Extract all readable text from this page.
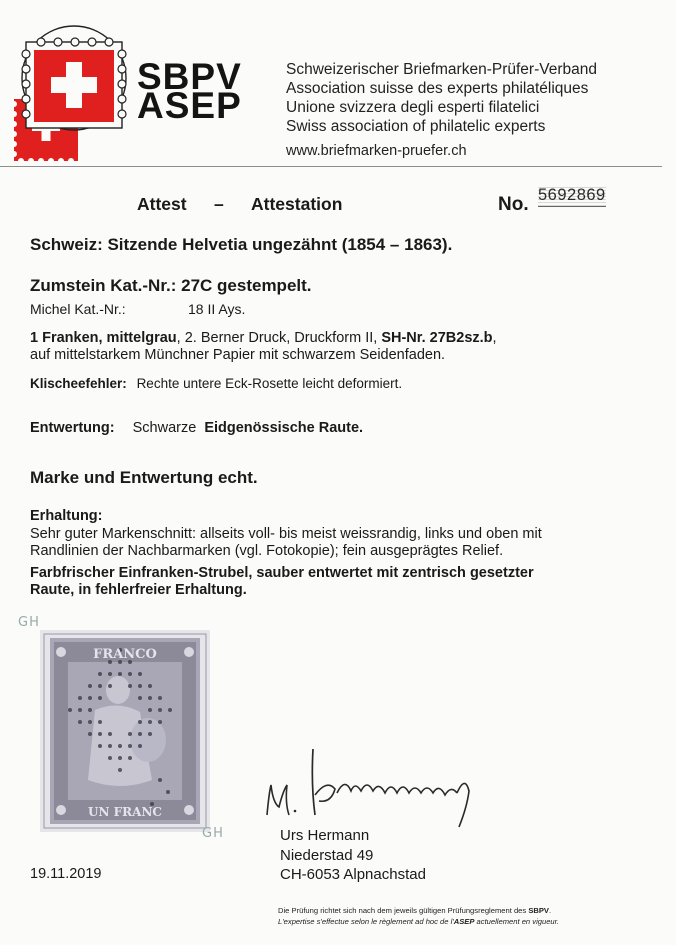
SBPV
ASEP
Schweizerischer Briefmarken-Prüfer-Verband
Association suisse des experts philatéliques
Unione svizzera degli esperti filatelici
Swiss association of philatelic experts
www.briefmarken-pruefer.ch
Attest – Attestation	No. 5692869
Schweiz: Sitzende Helvetia ungezähnt (1854 – 1863).
Zumstein Kat.-Nr.: 27C gestempelt.
Michel Kat.-Nr.:	18 II Ays.
1 Franken, mittelgrau, 2. Berner Druck, Druckform II, SH-Nr. 27B2sz.b,
auf mittelstarkem Münchner Papier mit schwarzem Seidenfaden.
Klischeefehler: Rechte untere Eck-Rosette leicht deformiert.
Entwertung: Schwarze Eidgenössische Raute.
Marke und Entwertung echt.
Erhaltung:
Sehr guter Markenschnitt: allseits voll- bis meist weissrandig, links und oben mit
Randlinien der Nachbarmarken (vgl. Fotokopie); fein ausgeprägtes Relief.
Farbfrischer Einfranken-Strubel, sauber entwertet mit zentrisch gesetzter
Raute, in fehlerfreier Erhaltung.
GH
FRANCO
UN FRANC
GH
19.11.2019
Urs Hermann
Niederstad 49
CH-6053 Alpnachstad
Die Prüfung richtet sich nach dem jeweils gültigen Prüfungsreglement des SBPV.
L'expertise s'effectue selon le règlement ad hoc de l'ASEP actuellement en vigueur.
